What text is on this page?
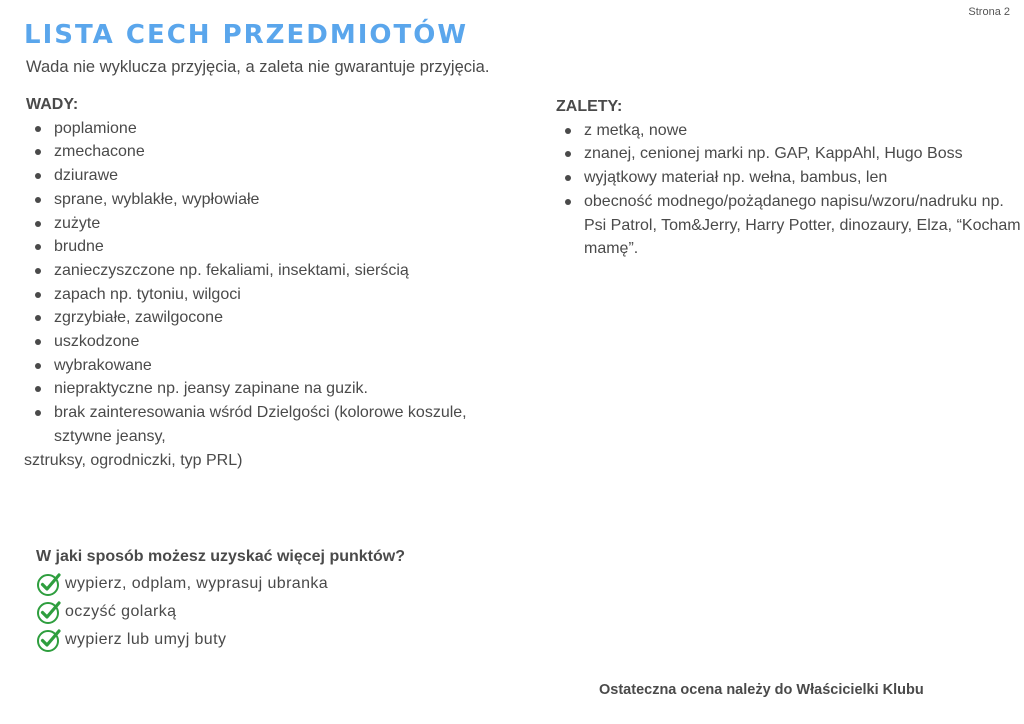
Strona 2
LISTA CECH PRZEDMIOTÓW
Wada nie wyklucza przyjęcia, a zaleta nie gwarantuje przyjęcia.
WADY:
poplamione
zmechacone
dziurawe
sprane, wyblakłe, wypłowiałe
zużyte
brudne
zanieczyszczone np. fekaliami, insektami, sierścią
zapach np. tytoniu, wilgoci
zgrzybiałe, zawilgocone
uszkodzone
wybrakowane
niepraktyczne np. jeansy zapinane na guzik.
brak zainteresowania wśród Dzielgości (kolorowe koszule, sztywne jeansy,
sztruksy, ogrodniczki, typ PRL)
ZALETY:
z metką, nowe
znanej, cenionej marki np. GAP, KappAhl, Hugo Boss
wyjątkowy materiał np. wełna, bambus, len
obecność modnego/pożądanego napisu/wzoru/nadruku np. Psi Patrol, Tom&Jerry, Harry Potter, dinozaury, Elza, “Kocham mamę”.
W jaki sposób możesz uzyskać więcej punktów?
wypierz, odplam, wyprasuj ubranka
oczyść golarką
wypierz lub umyj buty
Ostateczna ocena należy do Właścicielki Klubu
